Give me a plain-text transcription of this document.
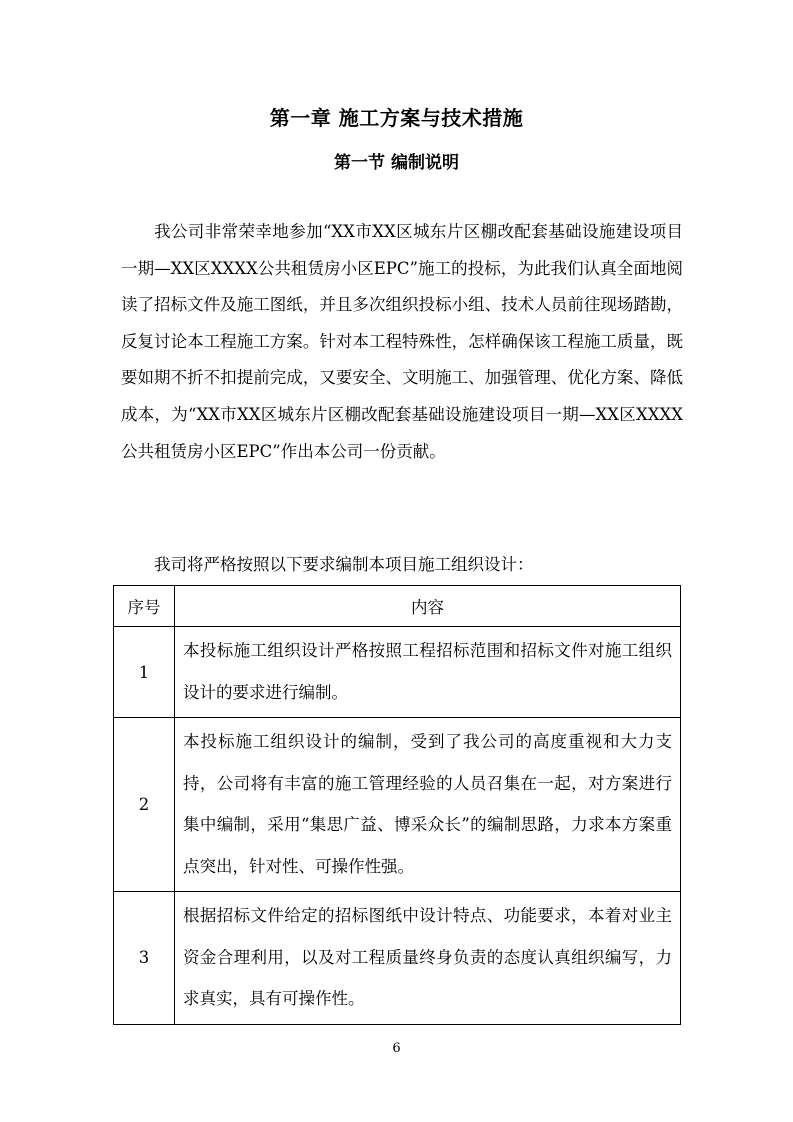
第一章 施工方案与技术措施
第一节 编制说明

我公司非常荣幸地参加“XX市XX区城东片区棚改配套基础设施建设项目一期—XX区XXXX公共租赁房小区EPC”施工的投标，为此我们认真全面地阅读了招标文件及施工图纸，并且多次组织投标小组、技术人员前往现场踏勘，反复讨论本工程施工方案。针对本工程特殊性，怎样确保该工程施工质量，既要如期不折不扣提前完成，又要安全、文明施工、加强管理、优化方案、降低成本，为“XX市XX区城东片区棚改配套基础设施建设项目一期—XX区XXXX公共租赁房小区EPC”作出本公司一份贡献。

我司将严格按照以下要求编制本项目施工组织设计：

序号	内容
1	本投标施工组织设计严格按照工程招标范围和招标文件对施工组织设计的要求进行编制。
2	本投标施工组织设计的编制，受到了我公司的高度重视和大力支持，公司将有丰富的施工管理经验的人员召集在一起，对方案进行集中编制，采用“集思广益、博采众长”的编制思路，力求本方案重点突出，针对性、可操作性强。
3	根据招标文件给定的招标图纸中设计特点、功能要求，本着对业主资金合理利用，以及对工程质量终身负责的态度认真组织编写，力求真实，具有可操作性。

6
